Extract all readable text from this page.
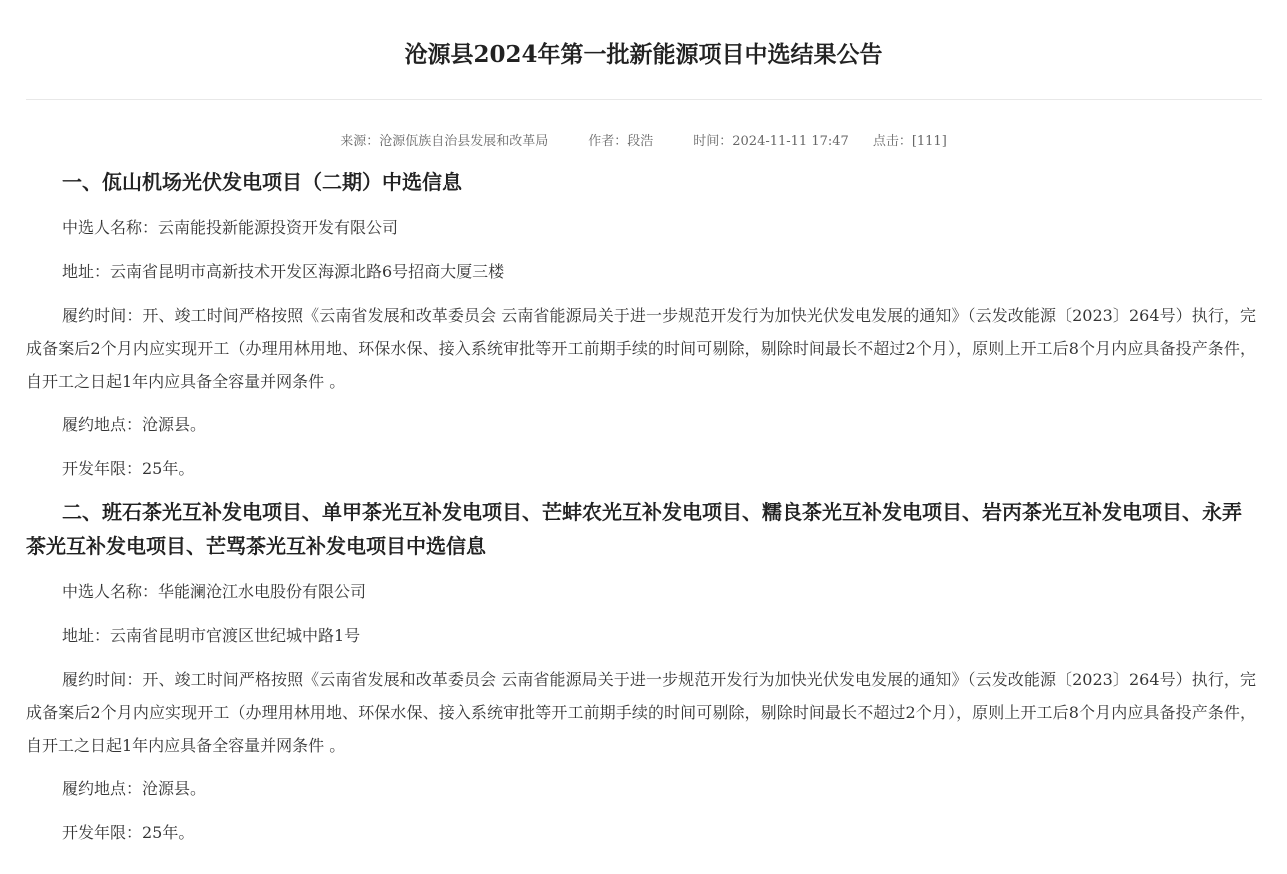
沧源县2024年第一批新能源项目中选结果公告
来源：沧源佤族自治县发展和改革局	作者：段浩	时间：2024-11-11 17:47 点击：[111]
一、佤山机场光伏发电项目（二期）中选信息

中选人名称：云南能投新能源投资开发有限公司

地址：云南省昆明市高新技术开发区海源北路6号招商大厦三楼

履约时间：开、竣工时间严格按照《云南省发展和改革委员会 云南省能源局关于进一步规范开发行为加快光伏发电发展的通知》（云发改能源〔2023〕264号）执行，完成备案后2个月内应实现开工（办理用林用地、环保水保、接入系统审批等开工前期手续的时间可剔除，剔除时间最长不超过2个月），原则上开工后8个月内应具备投产条件，自开工之日起1年内应具备全容量并网条件 。

履约地点：沧源县。

开发年限：25年。

二、班石茶光互补发电项目、单甲茶光互补发电项目、芒蚌农光互补发电项目、糯良茶光互补发电项目、岩丙茶光互补发电项目、永弄茶光互补发电项目、芒骂茶光互补发电项目中选信息

中选人名称：华能澜沧江水电股份有限公司

地址：云南省昆明市官渡区世纪城中路1号

履约时间：开、竣工时间严格按照《云南省发展和改革委员会 云南省能源局关于进一步规范开发行为加快光伏发电发展的通知》（云发改能源〔2023〕264号）执行，完成备案后2个月内应实现开工（办理用林用地、环保水保、接入系统审批等开工前期手续的时间可剔除，剔除时间最长不超过2个月），原则上开工后8个月内应具备投产条件，自开工之日起1年内应具备全容量并网条件 。

履约地点：沧源县。

开发年限：25年。
